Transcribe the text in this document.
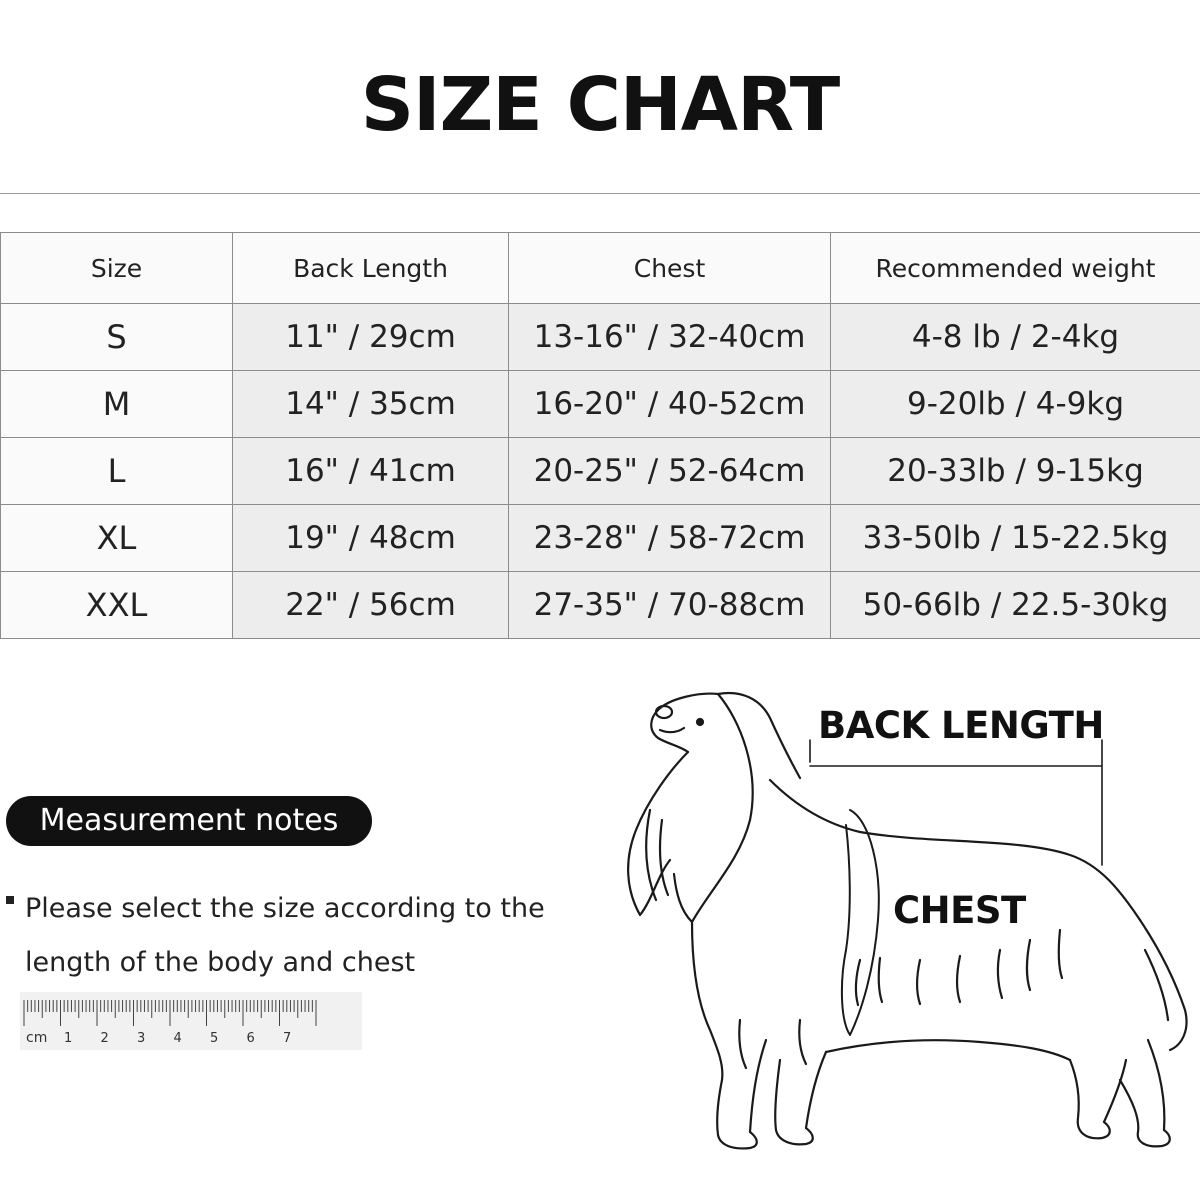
SIZE CHART
Size	Back Length	Chest	Recommended weight
S	11" / 29cm	13-16" / 32-40cm	4-8 lb / 2-4kg
M	14" / 35cm	16-20" / 40-52cm	9-20lb / 4-9kg
L	16" / 41cm	20-25" / 52-64cm	20-33lb / 9-15kg
XL	19" / 48cm	23-28" / 58-72cm	33-50lb / 15-22.5kg
XXL	22" / 56cm	27-35" / 70-88cm	50-66lb / 22.5-30kg
Measurement notes
Please select the size according to the length of the body and chest
cm 1 2 3 4 5 6 7
BACK LENGTH
CHEST
